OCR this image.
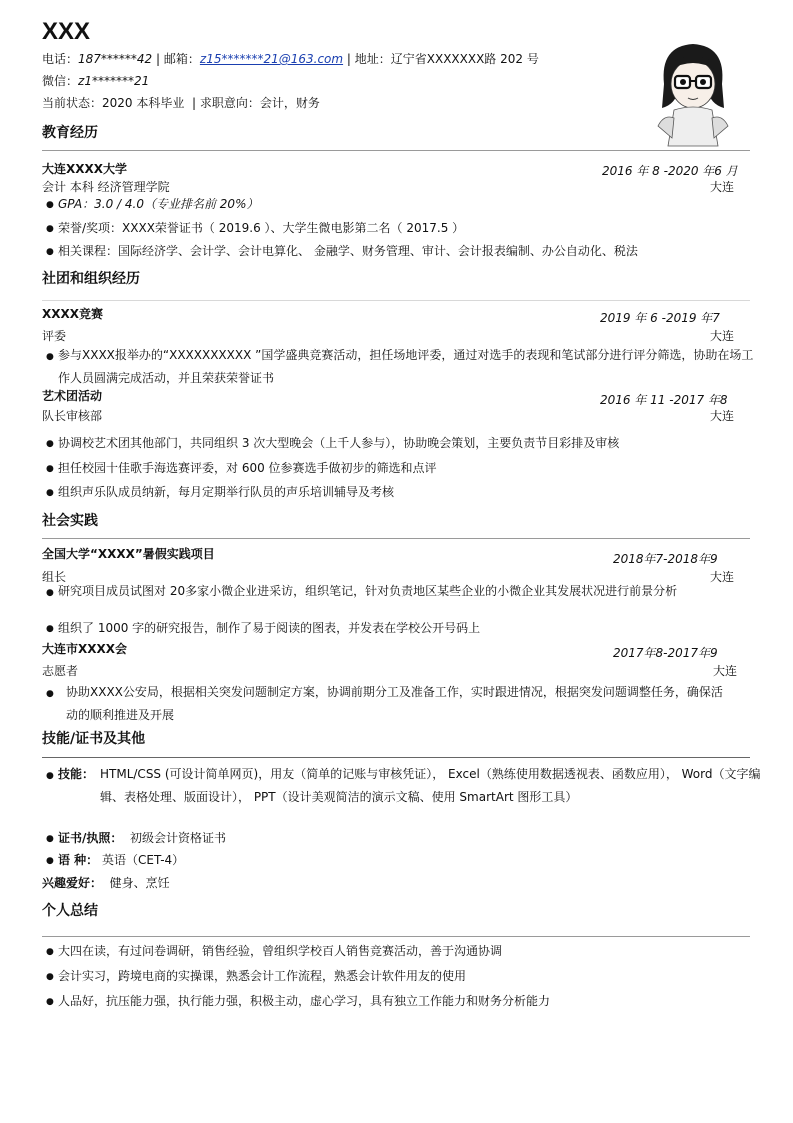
XXX
电话：187******42 | 邮箱：z15*******21@163.com | 地址：辽宁省XXXXXXX路 202 号
微信：z1*******21
当前状态：2020 本科毕业 | 求职意向：会计，财务
教育经历
大连XXXX大学	2016 年 8 -2020 年6 月
会计 本科 经济管理学院	大连
● GPA：3.0 / 4.0（专业排名前 20%）
● 荣誉/奖项：XXXX荣誉证书（ 2019.6 ）、大学生微电影第二名（ 2017.5 ）
● 相关课程：国际经济学、会计学、会计电算化、 金融学、财务管理、审计、会计报表编制、办公自动化、税法
社团和组织经历
XXXX竞赛	2019 年 6 -2019 年7
评委	大连
● 参与XXXX报举办的“XXXXXXXXXX ”国学盛典竞赛活动，担任场地评委，通过对选手的表现和笔试部分进行评分筛选，协助在场工作人员圆满完成活动，并且荣获荣誉证书
艺术团活动	2016 年 11 -2017 年8
队长审核部	大连
● 协调校艺术团其他部门，共同组织 3 次大型晚会（上千人参与），协助晚会策划，主要负责节目彩排及审核
● 担任校园十佳歌手海选赛评委，对 600 位参赛选手做初步的筛选和点评
● 组织声乐队成员纳新，每月定期举行队员的声乐培训辅导及考核
社会实践
全国大学“XXXX”暑假实践项目	2018年7-2018年9
组长	大连
● 研究项目成员试图对 20多家小微企业进采访，组织笔记，针对负责地区某些企业的小微企业其发展状况进行前景分析
● 组织了 1000 字的研究报告，制作了易于阅读的图表，并发表在学校公开号码上
大连市XXXX会	2017年8-2017年9
志愿者	大连
● 协助XXXX公安局，根据相关突发问题制定方案，协调前期分工及准备工作，实时跟进情况，根据突发问题调整任务，确保活动的顺利推进及开展
技能/证书及其他
● 技能： HTML/CSS (可设计简单网页)，用友（简单的记账与审核凭证）， Excel（熟练使用数据透视表、函数应用）， Word（文字编辑、表格处理、版面设计）， PPT（设计美观简洁的演示文稿、使用 SmartArt 图形工具）
● 证书/执照： 初级会计资格证书
● 语 种： 英语（CET-4）
兴趣爱好： 健身、烹饪
个人总结
● 大四在读，有过问卷调研，销售经验，曾组织学校百人销售竞赛活动，善于沟通协调
● 会计实习，跨境电商的实操课，熟悉会计工作流程，熟悉会计软件用友的使用
● 人品好，抗压能力强，执行能力强，积极主动，虚心学习，具有独立工作能力和财务分析能力
